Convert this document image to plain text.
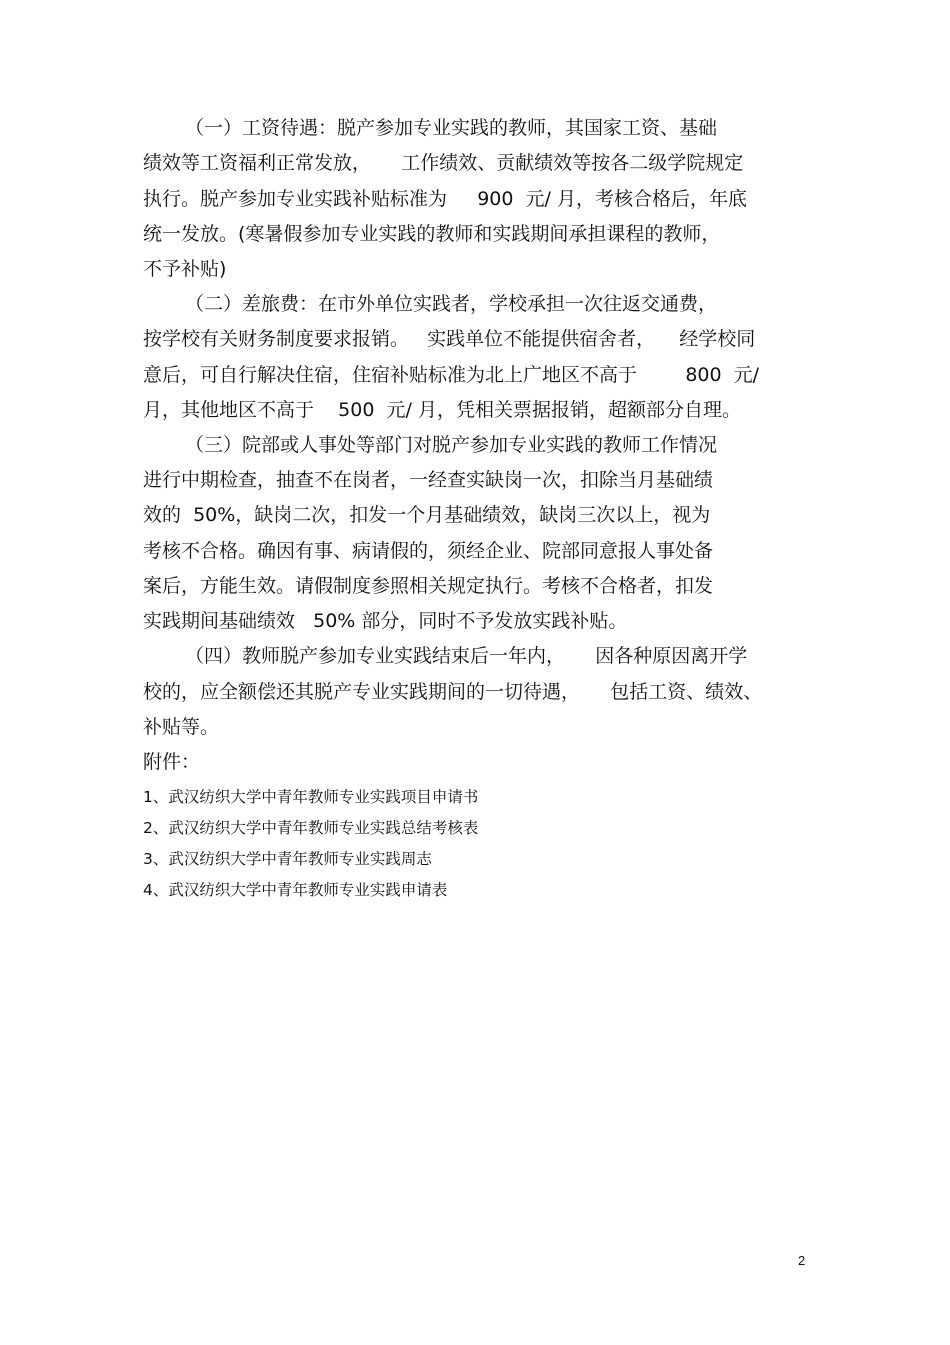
（一）工资待遇：脱产参加专业实践的教师，其国家工资、基础
绩效等工资福利正常发放，     工作绩效、贡献绩效等按各二级学院规定
执行。脱产参加专业实践补贴标准为     900  元/ 月，考核合格后，年底
统一发放。(寒暑假参加专业实践的教师和实践期间承担课程的教师，
不予补贴)
（二）差旅费：在市外单位实践者，学校承担一次往返交通费，
按学校有关财务制度要求报销。   实践单位不能提供宿舍者，    经学校同
意后，可自行解决住宿，住宿补贴标准为北上广地区不高于        800  元/
月，其他地区不高于    500  元/ 月，凭相关票据报销，超额部分自理。
（三）院部或人事处等部门对脱产参加专业实践的教师工作情况
进行中期检查，抽查不在岗者，一经查实缺岗一次，扣除当月基础绩
效的  50%，缺岗二次，扣发一个月基础绩效，缺岗三次以上，视为
考核不合格。确因有事、病请假的，须经企业、院部同意报人事处备
案后，方能生效。请假制度参照相关规定执行。考核不合格者，扣发
实践期间基础绩效   50% 部分，同时不予发放实践补贴。
（四）教师脱产参加专业实践结束后一年内，     因各种原因离开学
校的，应全额偿还其脱产专业实践期间的一切待遇，     包括工资、绩效、
补贴等。
附件：
1、武汉纺织大学中青年教师专业实践项目申请书
2、武汉纺织大学中青年教师专业实践总结考核表
3、武汉纺织大学中青年教师专业实践周志
4、武汉纺织大学中青年教师专业实践申请表
2
